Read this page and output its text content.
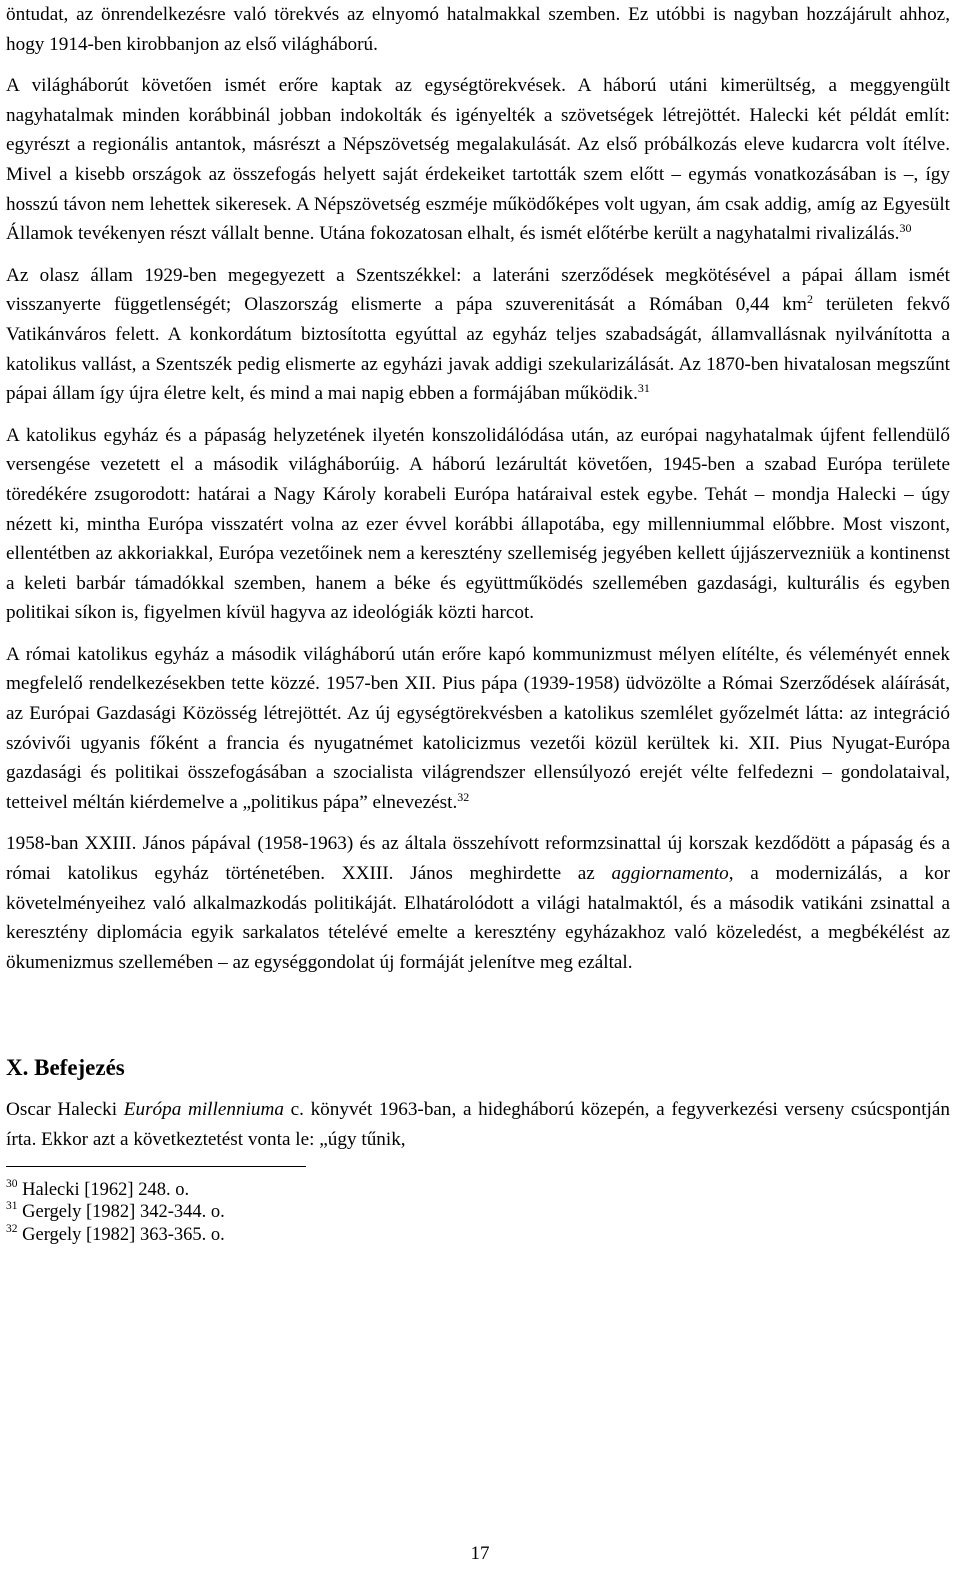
öntudat, az önrendelkezésre való törekvés az elnyomó hatalmakkal szemben. Ez utóbbi is nagyban hozzájárult ahhoz, hogy 1914-ben kirobbanjon az első világháború.

A világháborút követően ismét erőre kaptak az egységtörekvések. A háború utáni kimerültség, a meggyengült nagyhatalmak minden korábbinál jobban indokolták és igényelték a szövetségek létrejöttét. Halecki két példát említ: egyrészt a regionális antantok, másrészt a Népszövetség megalakulását. Az első próbálkozás eleve kudarcra volt ítélve. Mivel a kisebb országok az összefogás helyett saját érdekeiket tartották szem előtt – egymás vonatkozásában is –, így hosszú távon nem lehettek sikeresek. A Népszövetség eszméje működőképes volt ugyan, ám csak addig, amíg az Egyesült Államok tevékenyen részt vállalt benne. Utána fokozatosan elhalt, és ismét előtérbe került a nagyhatalmi rivalizálás.$^{30}$

Az olasz állam 1929-ben megegyezett a Szentszékkel: a lateráni szerződések megkötésével a pápai állam ismét visszanyerte függetlenségét; Olaszország elismerte a pápa szuverenitását a Rómában 0,44 $km^2$ területen fekvő Vatikánváros felett. A konkordátum biztosította egyúttal az egyház teljes szabadságát, államvallásnak nyilvánította a katolikus vallást, a Szentszék pedig elismerte az egyházi javak addigi szekularizálását. Az 1870-ben hivatalosan megszűnt pápai állam így újra életre kelt, és mind a mai napig ebben a formájában működik.$^{31}$

A katolikus egyház és a pápaság helyzetének ilyetén konszolidálódása után, az európai nagyhatalmak újfent fellendülő versengése vezetett el a második világháborúig. A háború lezárultát követően, 1945-ben a szabad Európa területe töredékére zsugorodott: határai a Nagy Károly korabeli Európa határaival estek egybe. Tehát – mondja Halecki – úgy nézett ki, mintha Európa visszatért volna az ezer évvel korábbi állapotába, egy millenniummal előbbre. Most viszont, ellentétben az akkoriakkal, Európa vezetőinek nem a keresztény szellemiség jegyében kellett újjászervezniük a kontinenst a keleti barbár támadókkal szemben, hanem a béke és együttműködés szellemében gazdasági, kulturális és egyben politikai síkon is, figyelmen kívül hagyva az ideológiák közti harcot.

A római katolikus egyház a második világháború után erőre kapó kommunizmust mélyen elítélte, és véleményét ennek megfelelő rendelkezésekben tette közzé. 1957-ben XII. Pius pápa (1939-1958) üdvözölte a Római Szerződések aláírását, az Európai Gazdasági Közösség létrejöttét. Az új egységtörekvésben a katolikus szemlélet győzelmét látta: az integráció szóvivői ugyanis főként a francia és nyugatnémet katolicizmus vezetői közül kerültek ki. XII. Pius Nyugat-Európa gazdasági és politikai összefogásában a szocialista világrendszer ellensúlyozó erejét vélte felfedezni – gondolataival, tetteivel méltán kiérdemelve a „politikus pápa” elnevezést.$^{32}$

1958-ban XXIII. János pápával (1958-1963) és az általa összehívott reformzsinattal új korszak kezdődött a pápaság és a római katolikus egyház történetében. XXIII. János meghirdette az aggiornamento, a modernizálás, a kor követelményeihez való alkalmazkodás politikáját. Elhatárolódott a világi hatalmaktól, és a második vatikáni zsinattal a keresztény diplomácia egyik sarkalatos tételévé emelte a keresztény egyházakhoz való közeledést, a megbékélést az ökumenizmus szellemében – az egységgondolat új formáját jelenítve meg ezáltal.

X. Befejezés

Oscar Halecki Európa millenniuma c. könyvét 1963-ban, a hidegháború közepén, a fegyverkezési verseny csúcspontján írta. Ekkor azt a következtetést vonta le: „úgy tűnik,

$^{30}$ Halecki [1962] 248. o.
$^{31}$ Gergely [1982] 342-344. o.
$^{32}$ Gergely [1982] 363-365. o.
17
